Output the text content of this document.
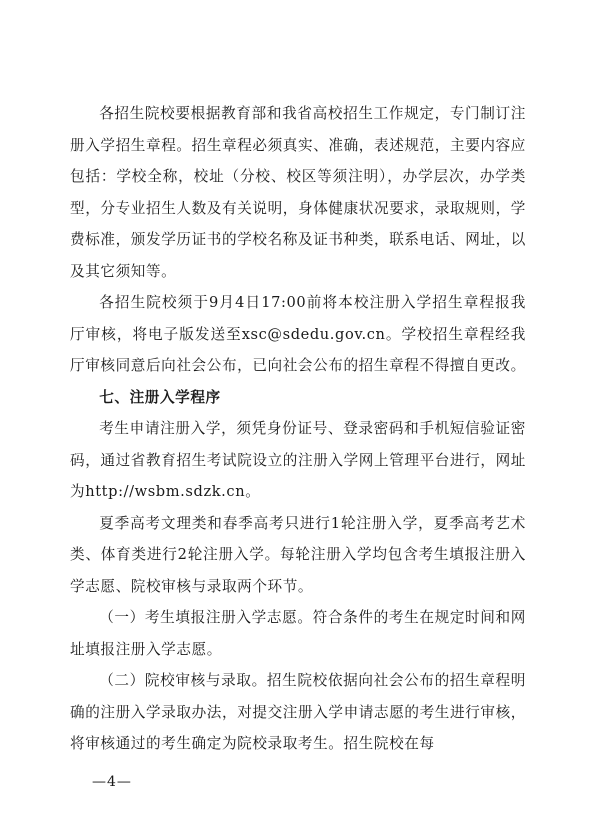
各招生院校要根据教育部和我省高校招生工作规定，专门制订注册入学招生章程。招生章程必须真实、准确，表述规范，主要内容应包括：学校全称，校址（分校、校区等须注明），办学层次，办学类型，分专业招生人数及有关说明，身体健康状况要求，录取规则，学费标准，颁发学历证书的学校名称及证书种类，联系电话、网址，以及其它须知等。

各招生院校须于9月4日17:00前将本校注册入学招生章程报我厅审核，将电子版发送至xsc@sdedu.gov.cn。学校招生章程经我厅审核同意后向社会公布，已向社会公布的招生章程不得擅自更改。

七、注册入学程序

考生申请注册入学，须凭身份证号、登录密码和手机短信验证密码，通过省教育招生考试院设立的注册入学网上管理平台进行，网址为http://wsbm.sdzk.cn。

夏季高考文理类和春季高考只进行1轮注册入学，夏季高考艺术类、体育类进行2轮注册入学。每轮注册入学均包含考生填报注册入学志愿、院校审核与录取两个环节。

（一）考生填报注册入学志愿。符合条件的考生在规定时间和网址填报注册入学志愿。

（二）院校审核与录取。招生院校依据向社会公布的招生章程明确的注册入学录取办法，对提交注册入学申请志愿的考生进行审核，将审核通过的考生确定为院校录取考生。招生院校在每

—4—
